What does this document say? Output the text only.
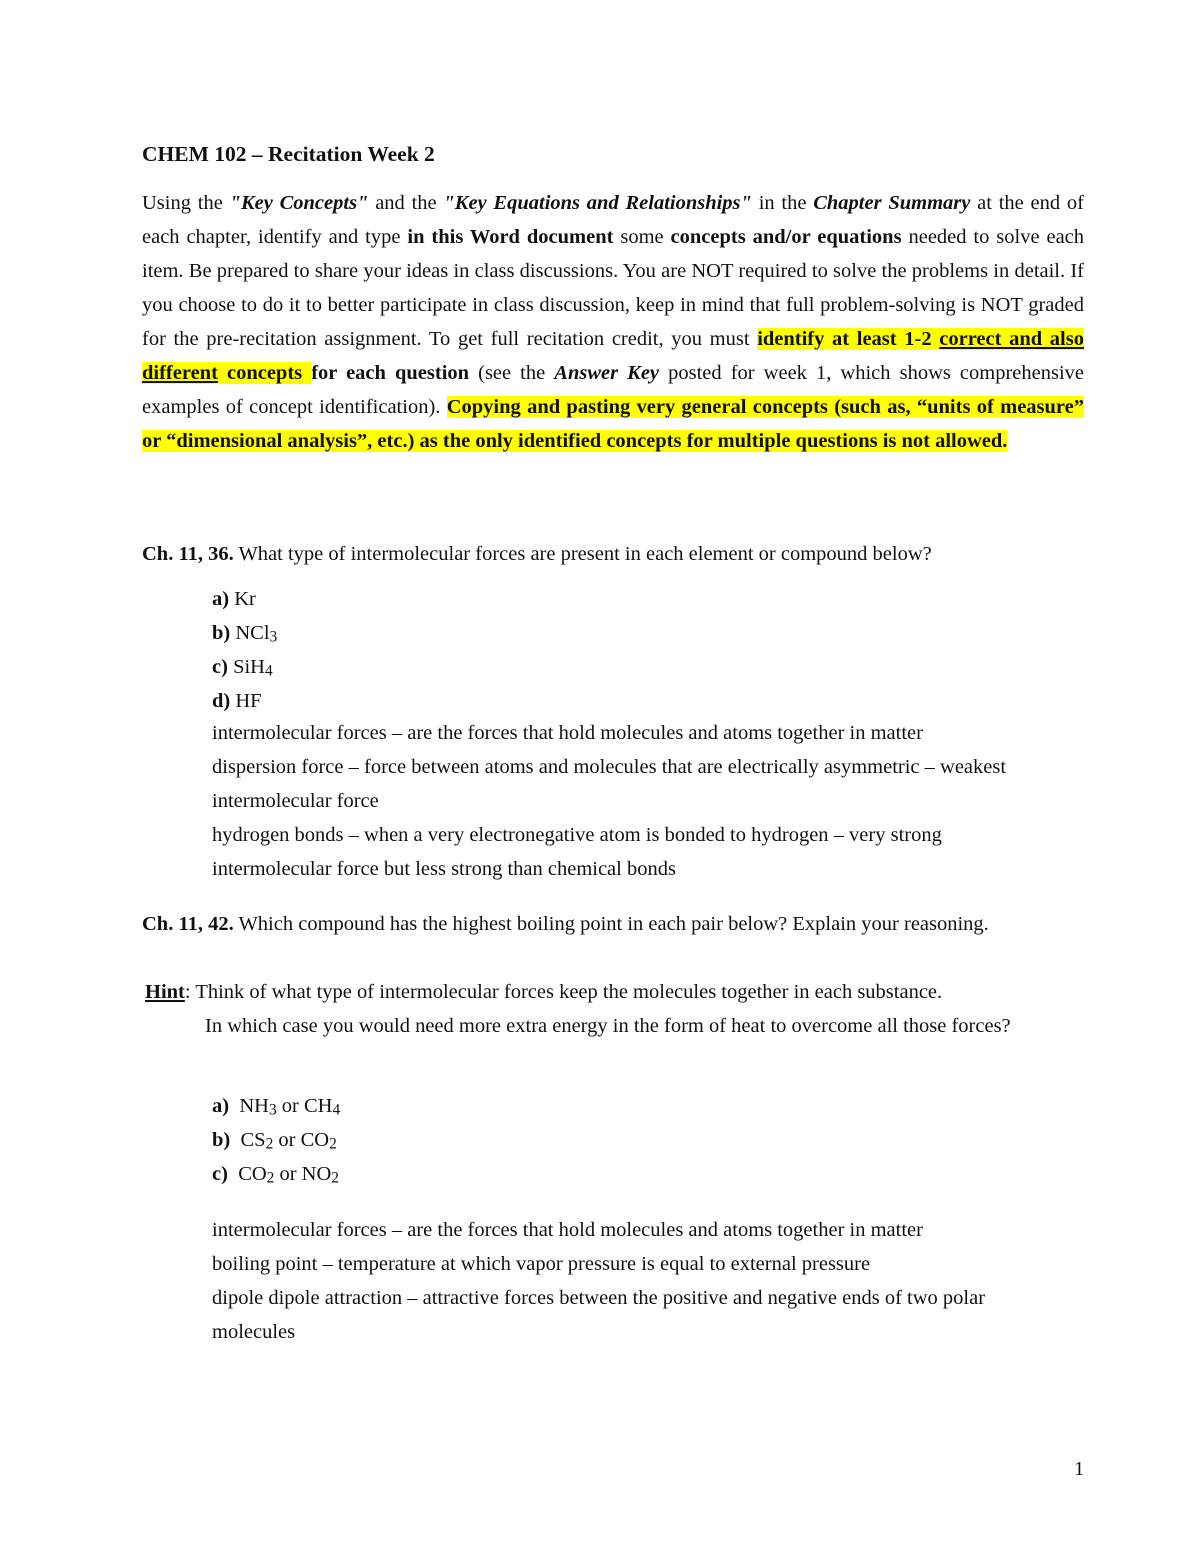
CHEM 102 – Recitation Week 2

Using the "Key Concepts" and the "Key Equations and Relationships" in the Chapter Summary at the end of each chapter, identify and type in this Word document some concepts and/or equations needed to solve each item. Be prepared to share your ideas in class discussions. You are NOT required to solve the problems in detail. If you choose to do it to better participate in class discussion, keep in mind that full problem-solving is NOT graded for the pre-recitation assignment. To get full recitation credit, you must identify at least 1-2 correct and also different concepts for each question (see the Answer Key posted for week 1, which shows comprehensive examples of concept identification). Copying and pasting very general concepts (such as, “units of measure” or “dimensional analysis”, etc.) as the only identified concepts for multiple questions is not allowed.

Ch. 11, 36. What type of intermolecular forces are present in each element or compound below?

a) Kr
b) NCl$_3$
c) SiH$_4$
d) HF
intermolecular forces – are the forces that hold molecules and atoms together in matter
dispersion force – force between atoms and molecules that are electrically asymmetric – weakest intermolecular force
hydrogen bonds – when a very electronegative atom is bonded to hydrogen – very strong intermolecular force but less strong than chemical bonds

Ch. 11, 42. Which compound has the highest boiling point in each pair below? Explain your reasoning.

Hint: Think of what type of intermolecular forces keep the molecules together in each substance.

In which case you would need more extra energy in the form of heat to overcome all those forces?

a)  $NH_3$ or $CH_4$
b)  $CS_2$ or $CO_2$
c)  $CO_2$ or $NO_2$
intermolecular forces – are the forces that hold molecules and atoms together in matter
boiling point – temperature at which vapor pressure is equal to external pressure
dipole dipole attraction – attractive forces between the positive and negative ends of two polar molecules

1
